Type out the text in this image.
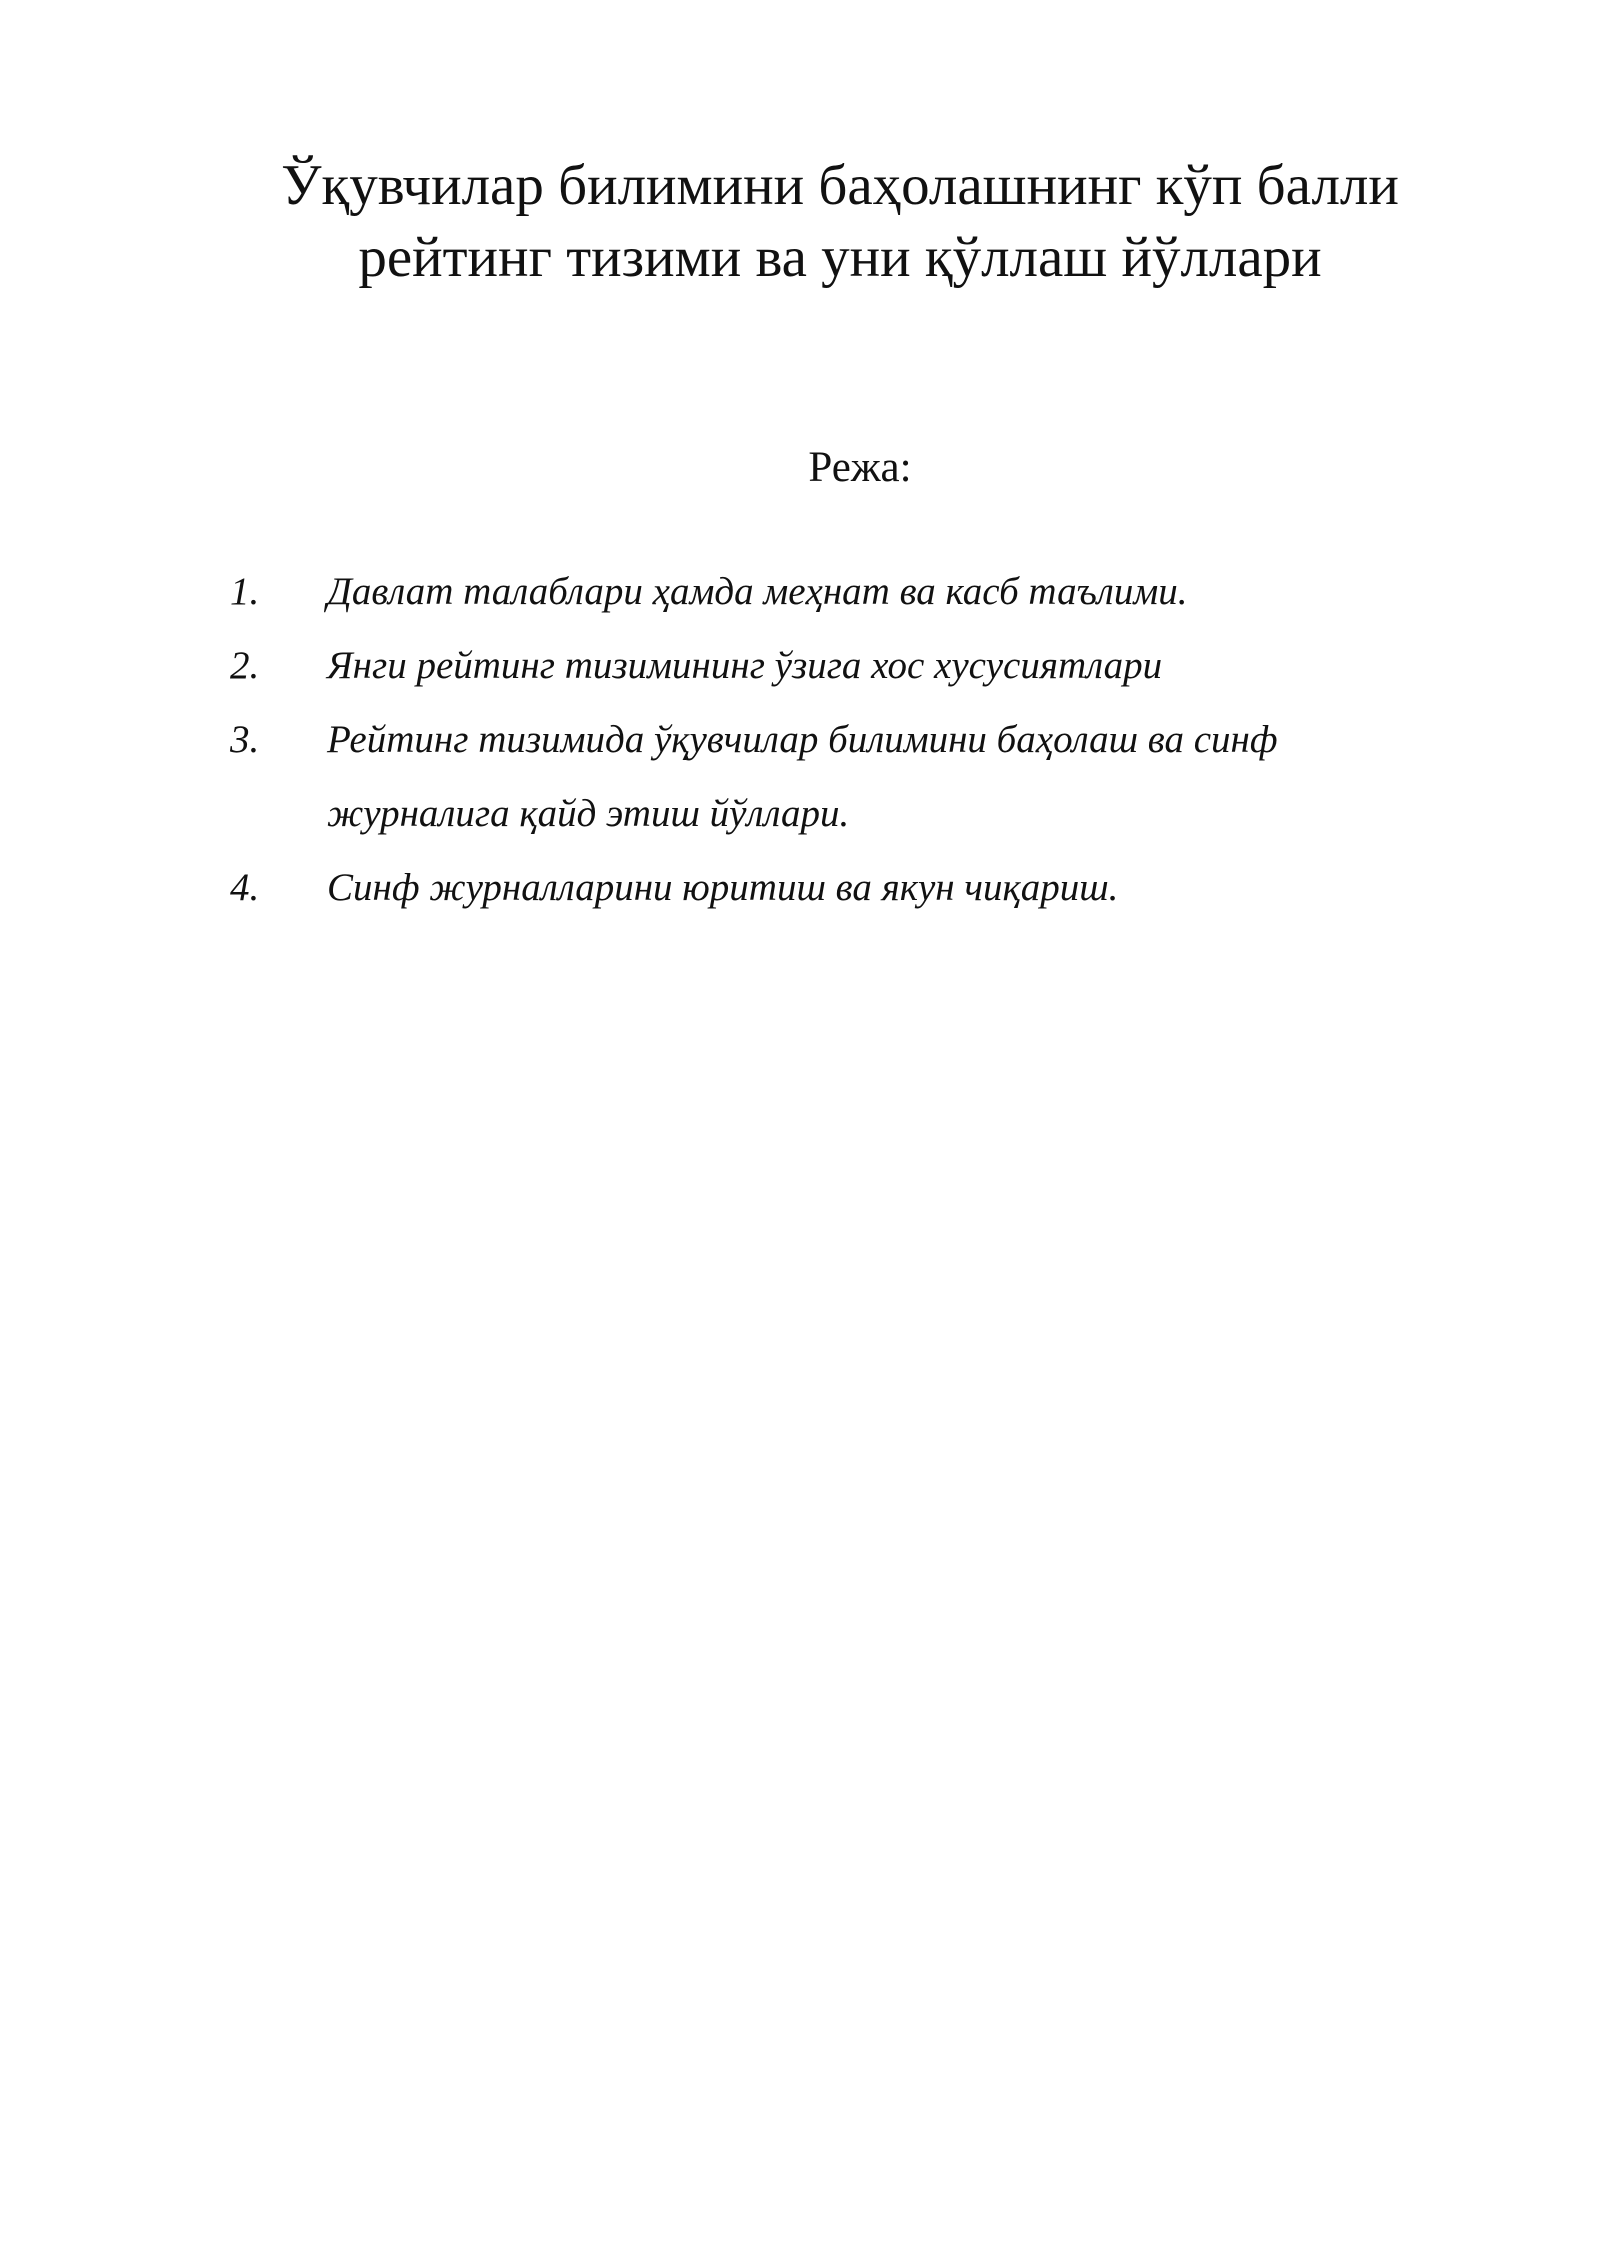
Ўқувчилар билимини баҳолашнинг кўп балли
рейтинг тизими ва уни қўллаш йўллари
Режа:
1.	Давлат талаблари ҳамда меҳнат ва касб таълими.
2.	Янги рейтинг тизимининг ўзига хос хусусиятлари
3.	Рейтинг тизимида ўқувчилар билимини баҳолаш ва синф журналига қайд этиш йўллари.
4.	Синф журналларини юритиш ва якун чиқариш.
